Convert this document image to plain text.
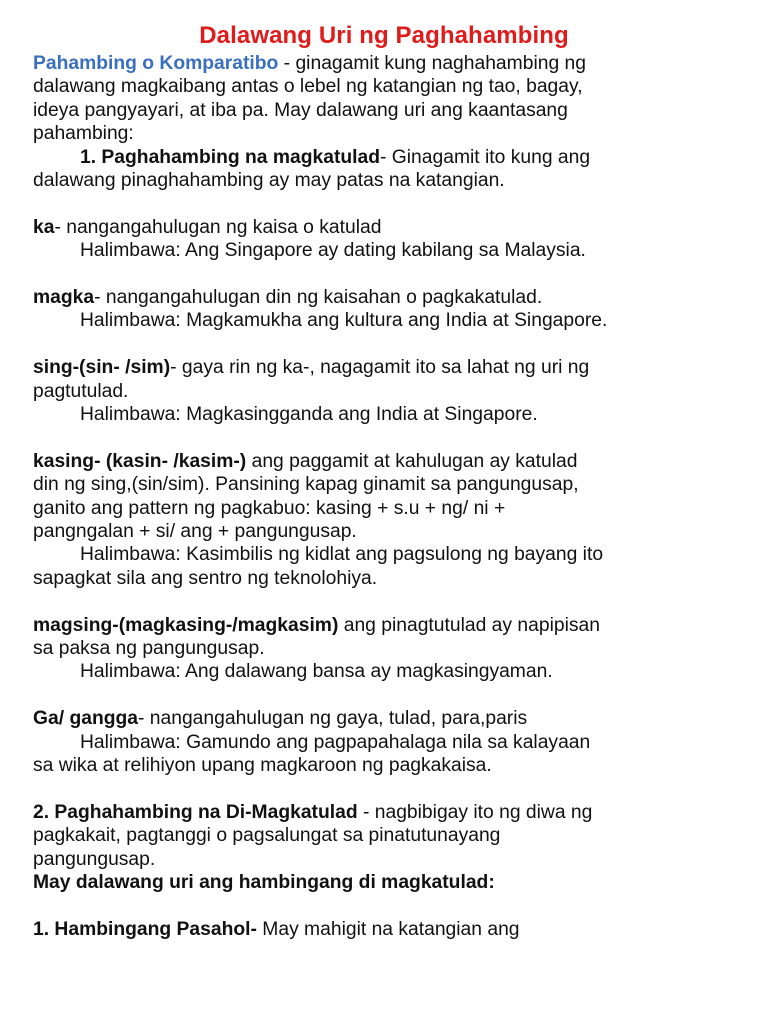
Dalawang Uri ng Paghahambing

Pahambing o Komparatibo - ginagamit kung naghahambing ng

dalawang magkaibang antas o lebel ng katangian ng tao, bagay,

ideya pangyayari, at iba pa. May dalawang uri ang kaantasang

pahambing:

1. Paghahambing na magkatulad- Ginagamit ito kung ang

dalawang pinaghahambing ay may patas na katangian.

ka- nangangahulugan ng kaisa o katulad

Halimbawa: Ang Singapore ay dating kabilang sa Malaysia.

magka- nangangahulugan din ng kaisahan o pagkakatulad.

Halimbawa: Magkamukha ang kultura ang India at Singapore.

sing-(sin- /sim)- gaya rin ng ka-, nagagamit ito sa lahat ng uri ng

pagtutulad.

Halimbawa: Magkasingganda ang India at Singapore.

kasing- (kasin- /kasim-) ang paggamit at kahulugan ay katulad

din ng sing,(sin/sim). Pansining kapag ginamit sa pangungusap,

ganito ang pattern ng pagkabuo: kasing + s.u + ng/ ni +

pangngalan + si/ ang + pangungusap.

Halimbawa: Kasimbilis ng kidlat ang pagsulong ng bayang ito

sapagkat sila ang sentro ng teknolohiya.

magsing-(magkasing-/magkasim) ang pinagtutulad ay napipisan

sa paksa ng pangungusap.

Halimbawa: Ang dalawang bansa ay magkasingyaman.

Ga/ gangga- nangangahulugan ng gaya, tulad, para,paris

Halimbawa: Gamundo ang pagpapahalaga nila sa kalayaan

sa wika at relihiyon upang magkaroon ng pagkakaisa.

2. Paghahambing na Di-Magkatulad - nagbibigay ito ng diwa ng

pagkakait, pagtanggi o pagsalungat sa pinatutunayang

pangungusap.

May dalawang uri ang hambingang di magkatulad:

1. Hambingang Pasahol- May mahigit na katangian ang
